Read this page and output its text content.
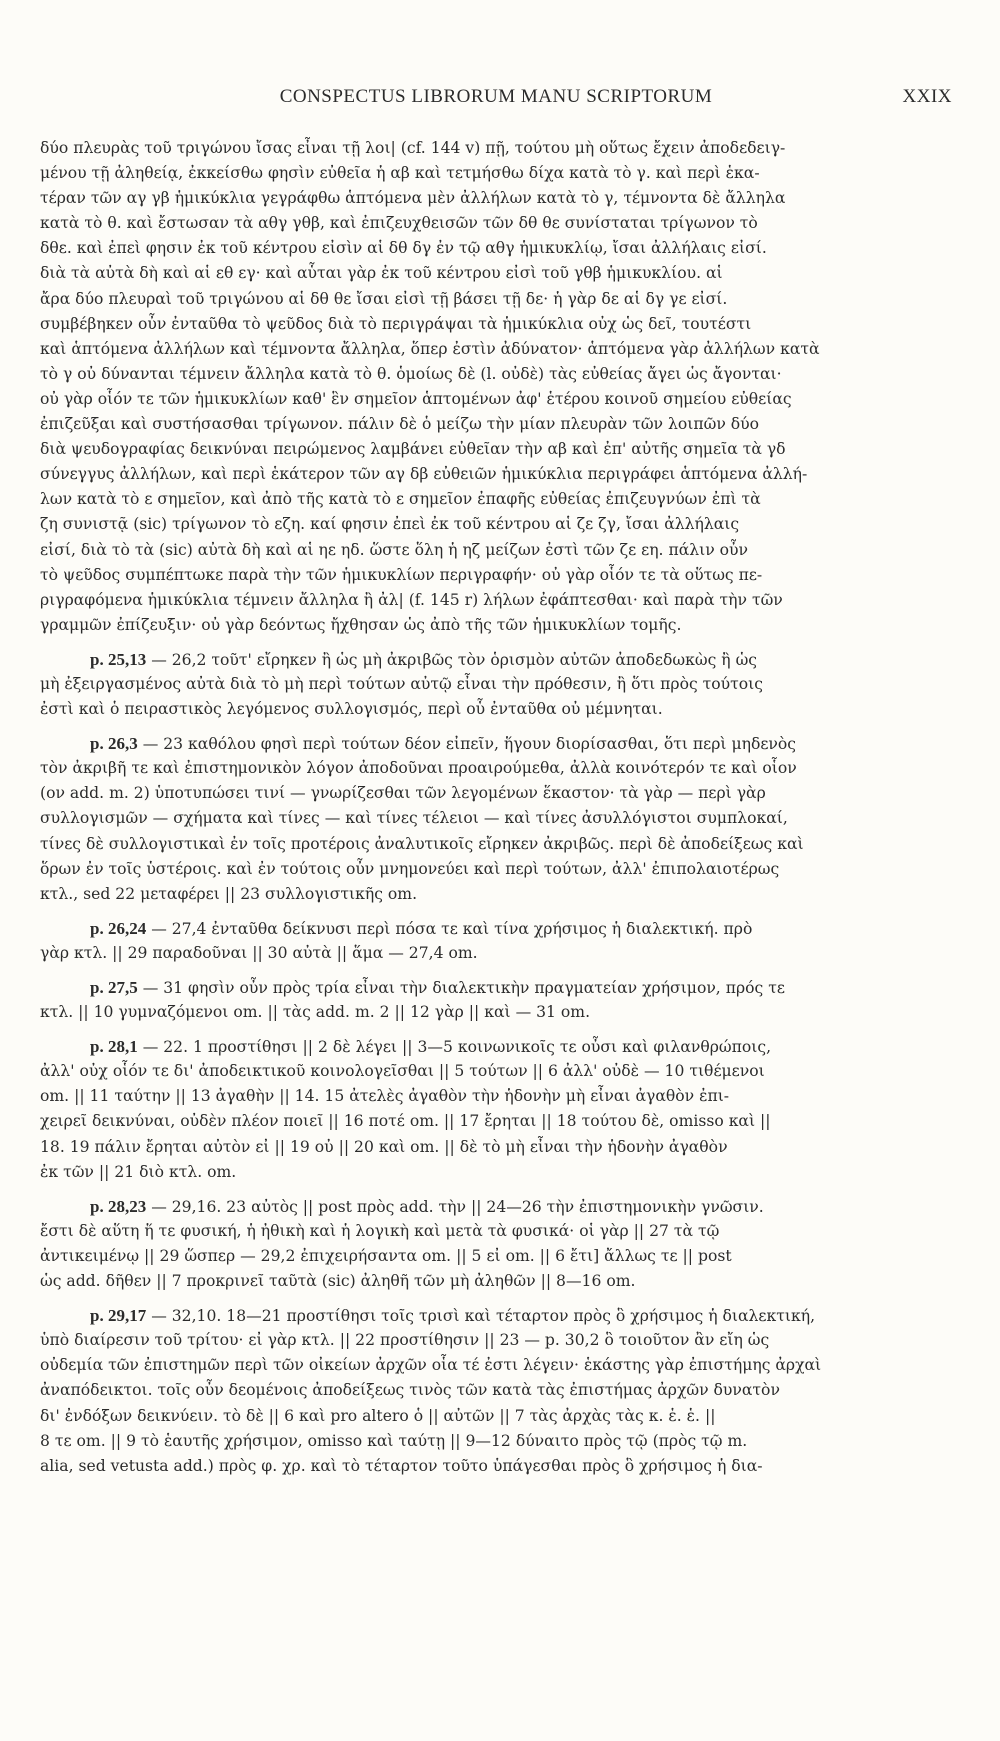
CONSPECTUS LIBRORUM MANU SCRIPTORUM	XXIX
δύο πλευρὰς τοῦ τριγώνου ἴσας εἶναι τῇ λοι| (cf. 144 v) πῇ, τούτου μὴ οὕτως ἔχειν ἀποδεδειγ-
μένου τῇ ἀληθείᾳ, ἐκκείσθω φησὶν εὐθεῖα ἡ αβ καὶ τετμήσθω δίχα κατὰ τὸ γ. καὶ περὶ ἑκα-
τέραν τῶν αγ γβ ἡμικύκλια γεγράφθω ἁπτόμενα μὲν ἀλλήλων κατὰ τὸ γ, τέμνοντα δὲ ἄλληλα
κατὰ τὸ θ. καὶ ἔστωσαν τὰ αθγ γθβ, καὶ ἐπιζευχθεισῶν τῶν δθ θε συνίσταται τρίγωνον τὸ
δθε. καὶ ἐπεὶ φησιν ἐκ τοῦ κέντρου εἰσὶν αἱ δθ δγ ἐν τῷ αθγ ἡμικυκλίῳ, ἴσαι ἀλλήλαις εἰσί.
διὰ τὰ αὐτὰ δὴ καὶ αἱ εθ εγ· καὶ αὗται γὰρ ἐκ τοῦ κέντρου εἰσὶ τοῦ γθβ ἡμικυκλίου. αἱ
ἄρα δύο πλευραὶ τοῦ τριγώνου αἱ δθ θε ἴσαι εἰσὶ τῇ βάσει τῇ δε· ἡ γὰρ δε αἱ δγ γε εἰσί.
συμβέβηκεν οὖν ἐνταῦθα τὸ ψεῦδος διὰ τὸ περιγράψαι τὰ ἡμικύκλια οὐχ ὡς δεῖ, τουτέστι
καὶ ἁπτόμενα ἀλλήλων καὶ τέμνοντα ἄλληλα, ὅπερ ἐστὶν ἀδύνατον· ἁπτόμενα γὰρ ἀλλήλων κατὰ
τὸ γ οὐ δύνανται τέμνειν ἄλληλα κατὰ τὸ θ. ὁμοίως δὲ (l. οὐδὲ) τὰς εὐθείας ἄγει ὡς ἄγονται·
οὐ γὰρ οἷόν τε τῶν ἡμικυκλίων καθ' ἓν σημεῖον ἁπτομένων ἀφ' ἑτέρου κοινοῦ σημείου εὐθείας
ἐπιζεῦξαι καὶ συστήσασθαι τρίγωνον. πάλιν δὲ ὁ μείζω τὴν μίαν πλευρὰν τῶν λοιπῶν δύο
διὰ ψευδογραφίας δεικνύναι πειρώμενος λαμβάνει εὐθεῖαν τὴν αβ καὶ ἐπ' αὐτῆς σημεῖα τὰ γδ
σύνεγγυς ἀλλήλων, καὶ περὶ ἑκάτερον τῶν αγ δβ εὐθειῶν ἡμικύκλια περιγράφει ἁπτόμενα ἀλλή-
λων κατὰ τὸ ε σημεῖον, καὶ ἀπὸ τῆς κατὰ τὸ ε σημεῖον ἐπαφῆς εὐθείας ἐπιζευγνύων ἐπὶ τὰ
ζη συνιστᾷ (sic) τρίγωνον τὸ εζη. καί φησιν ἐπεὶ ἐκ τοῦ κέντρου αἱ ζε ζγ, ἴσαι ἀλλήλαις
εἰσί, διὰ τὸ τὰ (sic) αὐτὰ δὴ καὶ αἱ ηε ηδ. ὥστε ὅλη ἡ ηζ μείζων ἐστὶ τῶν ζε εη. πάλιν οὖν
τὸ ψεῦδος συμπέπτωκε παρὰ τὴν τῶν ἡμικυκλίων περιγραφήν· οὐ γὰρ οἷόν τε τὰ οὕτως πε-
ριγραφόμενα ἡμικύκλια τέμνειν ἄλληλα ἢ ἀλ| (f. 145 r) λήλων ἐφάπτεσθαι· καὶ παρὰ τὴν τῶν
γραμμῶν ἐπίζευξιν· οὐ γὰρ δεόντως ἤχθησαν ὡς ἀπὸ τῆς τῶν ἡμικυκλίων τομῆς.
p. 25,13 — 26,2 τοῦτ' εἴρηκεν ἢ ὡς μὴ ἀκριβῶς τὸν ὁρισμὸν αὐτῶν ἀποδεδωκὼς ἢ ὡς
μὴ ἐξειργασμένος αὐτὰ διὰ τὸ μὴ περὶ τούτων αὐτῷ εἶναι τὴν πρόθεσιν, ἢ ὅτι πρὸς τούτοις
ἐστὶ καὶ ὁ πειραστικὸς λεγόμενος συλλογισμός, περὶ οὗ ἐνταῦθα οὐ μέμνηται.
p. 26,3 — 23 καθόλου φησὶ περὶ τούτων δέον εἰπεῖν, ἥγουν διορίσασθαι, ὅτι περὶ μηδενὸς
τὸν ἀκριβῆ τε καὶ ἐπιστημονικὸν λόγον ἀποδοῦναι προαιρούμεθα, ἀλλὰ κοινότερόν τε καὶ οἷον
(ον add. m. 2) ὑποτυπώσει τινί — γνωρίζεσθαι τῶν λεγομένων ἕκαστον· τὰ γὰρ — περὶ γὰρ
συλλογισμῶν — σχήματα καὶ τίνες — καὶ τίνες τέλειοι — καὶ τίνες ἀσυλλόγιστοι συμπλοκαί,
τίνες δὲ συλλογιστικαὶ ἐν τοῖς προτέροις ἀναλυτικοῖς εἴρηκεν ἀκριβῶς. περὶ δὲ ἀποδείξεως καὶ
ὅρων ἐν τοῖς ὑστέροις. καὶ ἐν τούτοις οὖν μνημονεύει καὶ περὶ τούτων, ἀλλ' ἐπιπολαιοτέρως
κτλ., sed 22 μεταφέρει || 23 συλλογιστικῆς om.
p. 26,24 — 27,4 ἐνταῦθα δείκνυσι περὶ πόσα τε καὶ τίνα χρήσιμος ἡ διαλεκτική. πρὸ
γὰρ κτλ. || 29 παραδοῦναι || 30 αὐτὰ || ἅμα — 27,4 om.
p. 27,5 — 31 φησὶν οὖν πρὸς τρία εἶναι τὴν διαλεκτικὴν πραγματείαν χρήσιμον, πρός τε
κτλ. || 10 γυμναζόμενοι om. || τὰς add. m. 2 || 12 γὰρ || καὶ — 31 om.
p. 28,1 — 22. 1 προστίθησι || 2 δὲ λέγει || 3—5 κοινωνικοῖς τε οὖσι καὶ φιλανθρώποις,
ἀλλ' οὐχ οἷόν τε δι' ἀποδεικτικοῦ κοινολογεῖσθαι || 5 τούτων || 6 ἀλλ' οὐδὲ — 10 τιθέμενοι
om. || 11 ταύτην || 13 ἀγαθὴν || 14. 15 ἀτελὲς ἀγαθὸν τὴν ἡδονὴν μὴ εἶναι ἀγαθὸν ἐπι-
χειρεῖ δεικνύναι, οὐδὲν πλέον ποιεῖ || 16 ποτέ om. || 17 ἔρηται || 18 τούτου δὲ, omisso καὶ ||
18. 19 πάλιν ἔρηται αὐτὸν εἰ || 19 οὐ || 20 καὶ om. || δὲ τὸ μὴ εἶναι τὴν ἡδονὴν ἀγαθὸν
ἐκ τῶν || 21 διὸ κτλ. om.
p. 28,23 — 29,16. 23 αὐτὸς || post πρὸς add. τὴν || 24—26 τὴν ἐπιστημονικὴν γνῶσιν.
ἔστι δὲ αὕτη ἥ τε φυσική, ἡ ἠθικὴ καὶ ἡ λογικὴ καὶ μετὰ τὰ φυσικά· οἱ γὰρ || 27 τὰ τῷ
ἀντικειμένῳ || 29 ὥσπερ — 29,2 ἐπιχειρήσαντα om. || 5 εἰ om. || 6 ἔτι] ἄλλως τε || post
ὡς add. δῆθεν || 7 προκρινεῖ ταῦτὰ (sic) ἀληθῆ τῶν μὴ ἀληθῶν || 8—16 om.
p. 29,17 — 32,10. 18—21 προστίθησι τοῖς τρισὶ καὶ τέταρτον πρὸς ὃ χρήσιμος ἡ διαλεκτική,
ὑπὸ διαίρεσιν τοῦ τρίτου· εἰ γὰρ κτλ. || 22 προστίθησιν || 23 — p. 30,2 ὃ τοιοῦτον ἂν εἴη ὡς
οὐδεμία τῶν ἐπιστημῶν περὶ τῶν οἰκείων ἀρχῶν οἷα τέ ἐστι λέγειν· ἑκάστης γὰρ ἐπιστήμης ἀρχαὶ
ἀναπόδεικτοι. τοῖς οὖν δεομένοις ἀποδείξεως τινὸς τῶν κατὰ τὰς ἐπιστήμας ἀρχῶν δυνατὸν
δι' ἐνδόξων δεικνύειν. τὸ δὲ || 6 καὶ pro altero ὁ || αὐτῶν || 7 τὰς ἀρχὰς τὰς κ. ἑ. ἑ. ||
8 τε om. || 9 τὸ ἑαυτῆς χρήσιμον, omisso καὶ ταύτῃ || 9—12 δύναιτο πρὸς τῷ (πρὸς τῷ m.
alia, sed vetusta add.) πρὸς φ. χρ. καὶ τὸ τέταρτον τοῦτο ὑπάγεσθαι πρὸς ὃ χρήσιμος ἡ δια-
